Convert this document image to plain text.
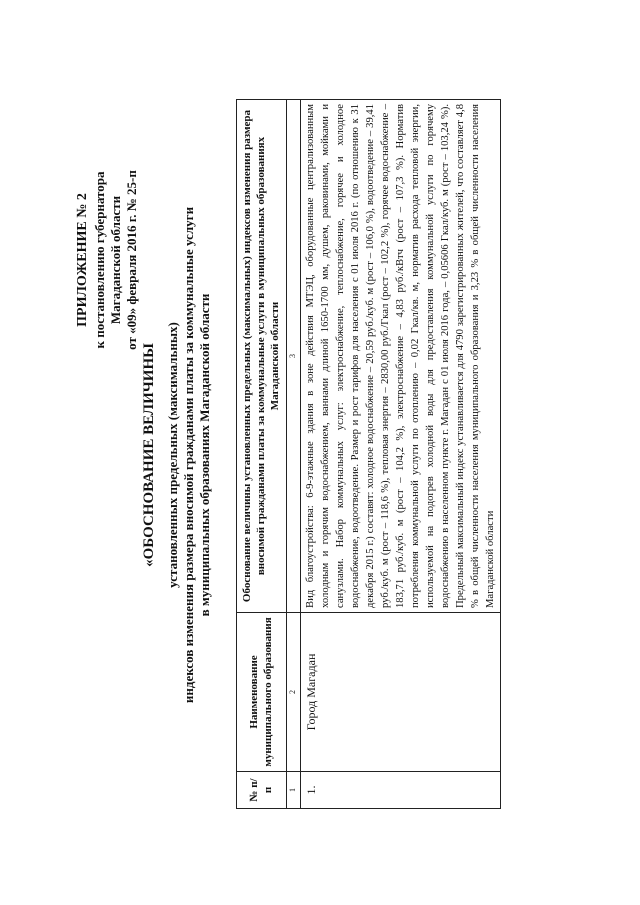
ПРИЛОЖЕНИЕ № 2 к постановлению губернатора Магаданской области от «09» февраля 2016 г. № 25-п
«ОБОСНОВАНИЕ ВЕЛИЧИНЫ установленных предельных (максимальных) индексов изменения размера вносимой гражданами платы за коммунальные услуги в муниципальных образованиях Магаданской области
№ п/п	Наименование муниципального образования	Обоснование величины установленных предельных (максимальных) индексов изменения размера вносимой гражданами платы за коммунальные услуги в муниципальных образованиях Магаданской области
1	2	3
1.	Город Магадан	Вид благоустройства: 6-9-этажные здания в зоне действия МТЭЦ, оборудованные централизованным холодным и горячим водоснабжением, ваннами длиной 1650-1700 мм, душем, раковинами, мойками и санузлами. Набор коммунальных услуг: электроснабжение, теплоснабжение, горячее и холодное водоснабжение, водоотведение. Размер и рост тарифов для населения с 01 июля 2016 г. (по отношению к 31 декабря 2015 г.) составят: холодное водоснабжение – 20,59 руб./куб. м (рост – 106,0 %), водоотведение – 39,41 руб./куб. м (рост – 118,6 %), тепловая энергия – 2830,00 руб./Гкал (рост – 102,2 %), горячее водоснабжение – 183,71 руб./куб. м (рост – 104,2 %), электроснабжение – 4,83 руб./кВтч (рост – 107,3 %). Норматив потребления коммунальной услуги по отоплению – 0,02 Гкал/кв. м, норматив расхода тепловой энергии, используемой на подогрев холодной воды для предоставления коммунальной услуги по горячему водоснабжению в населенном пункте г. Магадан с 01 июля 2016 года, – 0,05606 Гкал/куб. м (рост – 103,24 %). Предельный максимальный индекс устанавливается для 4790 зарегистрированных жителей, что составляет 4,8 % в общей численности населения муниципального образования и 3,23 % в общей численности населения Магаданской области
